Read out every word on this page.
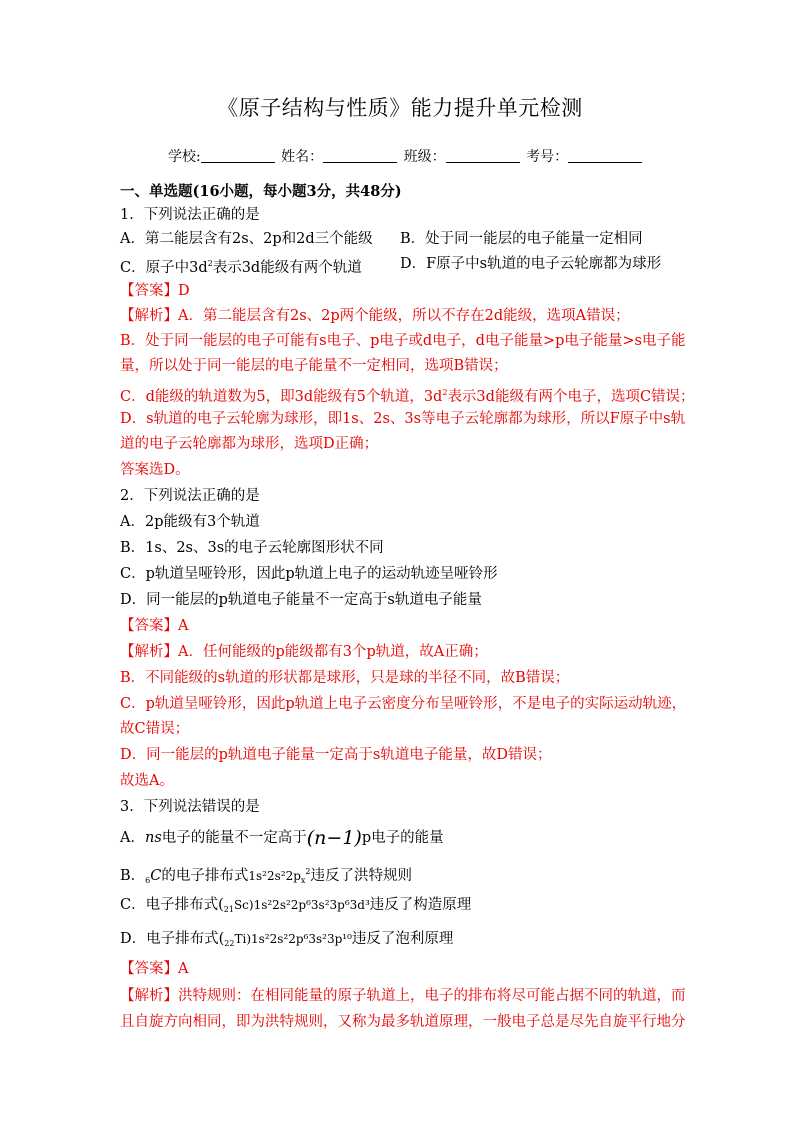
《原子结构与性质》能力提升单元检测
学校:	姓名：	班级：	考号：
一、单选题(16小题，每小题3分，共48分)
1．下列说法正确的是
A．第二能层含有2s、2p和2d三个能级 B．处于同一能层的电子能量一定相同
C．原子中$3d^2$表示3d能级有两个轨道	D．F原子中s轨道的电子云轮廓都为球形
【答案】D
【解析】A．第二能层含有2s、2p两个能级，所以不存在2d能级，选项A错误；
B．处于同一能层的电子可能有s电子、p电子或d电子，d电子能量>p电子能量>s电子能
量，所以处于同一能层的电子能量不一定相同，选项B错误；
C．d能级的轨道数为5，即3d能级有5个轨道，$3d^2$表示3d能级有两个电子，选项C错误；
D．s轨道的电子云轮廓为球形，即1s、2s、3s等电子云轮廓都为球形，所以F原子中s轨
道的电子云轮廓都为球形，选项D正确；
答案选D。
2．下列说法正确的是
A．2p能级有3个轨道
B．1s、2s、3s的电子云轮廓图形状不同
C．p轨道呈哑铃形，因此p轨道上电子的运动轨迹呈哑铃形
D．同一能层的p轨道电子能量不一定高于s轨道电子能量
【答案】A
【解析】A．任何能级的p能级都有3个p轨道，故A正确；
B．不同能级的s轨道的形状都是球形，只是球的半径不同，故B错误；
C．p轨道呈哑铃形，因此p轨道上电子云密度分布呈哑铃形，不是电子的实际运动轨迹，
故C错误；
D．同一能层的p轨道电子能量一定高于s轨道电子能量，故D错误；
故选A。
3．下列说法错误的是
A．ns电子的能量不一定高于(n−1)p电子的能量
B．$_6$C的电子排布式$1s^22s^22p_x^2$违反了洪特规则
C．电子排布式$(_{21}Sc)1s^22s^22p^63s^23p^63d^3$违反了构造原理
D．电子排布式$(_{22}Ti)1s^22s^22p^63s^23p^{10}$违反了泡利原理
【答案】A
【解析】洪特规则：在相同能量的原子轨道上，电子的排布将尽可能占据不同的轨道，而
且自旋方向相同，即为洪特规则，又称为最多轨道原理，一般电子总是尽先自旋平行地分
